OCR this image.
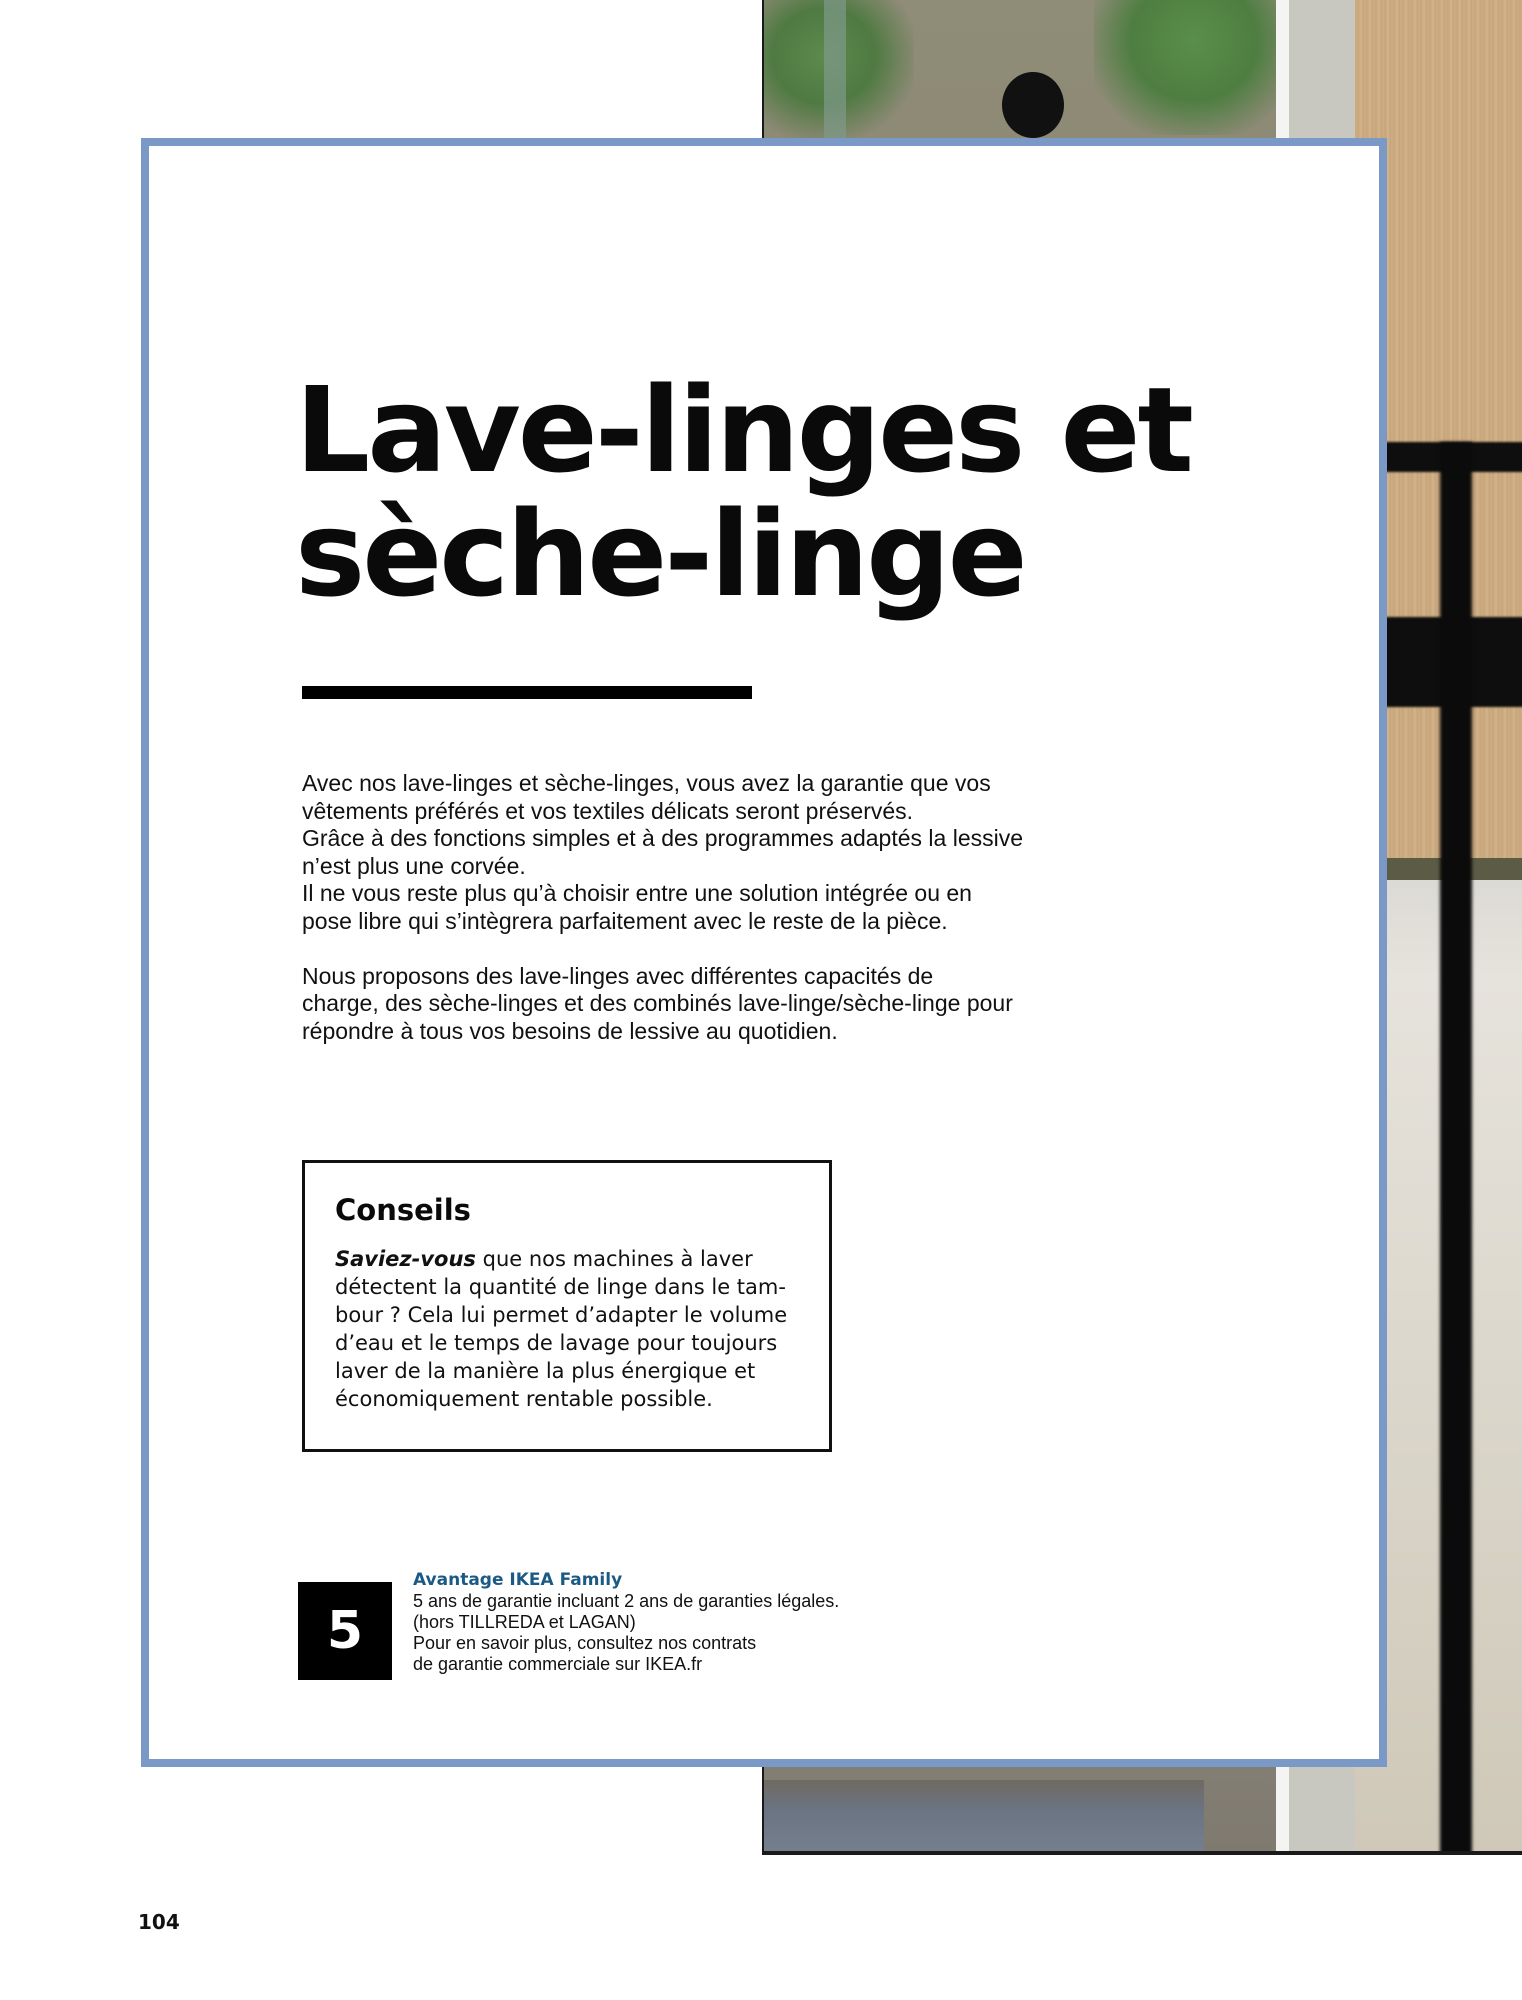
Lave-linges et
sèche-linge

Avec nos lave-linges et sèche-linges, vous avez la garantie que vos
vêtements préférés et vos textiles délicats seront préservés.
Grâce à des fonctions simples et à des programmes adaptés la lessive
n’est plus une corvée.
Il ne vous reste plus qu’à choisir entre une solution intégrée ou en
pose libre qui s’intègrera parfaitement avec le reste de la pièce.

Nous proposons des lave-linges avec différentes capacités de
charge, des sèche-linges et des combinés lave-linge/sèche-linge pour
répondre à tous vos besoins de lessive au quotidien.

Conseils
Saviez-vous que nos machines à laver
détectent la quantité de linge dans le tam-
bour ? Cela lui permet d’adapter le volume
d’eau et le temps de lavage pour toujours
laver de la manière la plus énergique et
économiquement rentable possible.
5
Avantage IKEA Family
5 ans de garantie incluant 2 ans de garanties légales.
(hors TILLREDA et LAGAN)
Pour en savoir plus, consultez nos contrats
de garantie commerciale sur IKEA.fr
104
